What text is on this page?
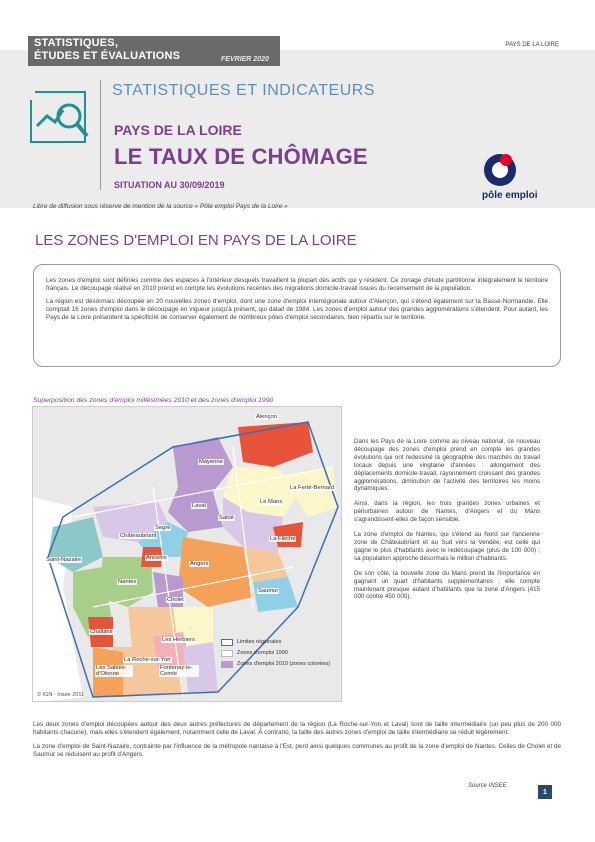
STATISTIQUES,
ÉTUDES ET ÉVALUATIONS	FEVRIER 2020
PAYS DE LA LOIRE
STATISTIQUES ET INDICATEURS
PAYS DE LA LOIRE
LE TAUX DE CHÔMAGE
SITUATION AU 30/09/2019
pôle emploi
Libre de diffusion sous réserve de mention de la source « Pôle emploi Pays de la Loire »
LES ZONES D'EMPLOI EN PAYS DE LA LOIRE

Les zones d'emploi sont définies comme des espaces à l'intérieur desquels travaillent la plupart des actifs qui y résident. Ce zonage d'étude partitionne intégralement le territoire français. Le découpage réalisé en 2010 prend en compte les évolutions récentes des migrations domicile-travail issues du recensement de la population.

La région est désormais découpée en 20 nouvelles zones d'emploi, dont une zone d'emploi interrégionale autour d'Alençon, qui s'étend également sur la Basse-Normandie. Elle comptait 16 zones d'emploi dans le découpage en vigueur jusqu'à présent, qui datait de 1984. Les zones d'emploi autour des grandes agglomérations s'étendent. Pour autant, les Pays de la Loire présentent la spécificité de conserver également de nombreux pôles d'emploi secondaires, bien répartis sur le territoire.

Superposition des zones d'emploi millésimées 2010 et des zones d'emploi 1990
Alençon
Mayenne
La Ferté-Bernard
Laval
Le Mans
Sablé
Segré
Châteaubriant
Saint-Nazaire
Nantes
Ancenis
Angers
La Flèche
Saumur
Cholet
Challans
Les Herbiers
La Roche-sur-Yon
Les Sables-d'Olonne
Fontenay-le-Comte
Limites régionales
Zones d'emploi 1990
Zones d'emploi 2010 (zones colorées)
© IGN - Insee 2011

Dans les Pays de la Loire comme au niveau national, ce nouveau découpage des zones d'emploi prend en compte les grandes évolutions qui ont redessiné la géographie des marchés du travail locaux depuis une vingtaine d'années : allongement des déplacements domicile-travail, rayonnement croissant des grandes agglomérations, diminution de l'activité des territoires les moins dynamiques.

Ainsi, dans la région, les trois grandes zones urbaines et périurbaines autour de Nantes, d'Angers et du Mans s'agrandissent-elles de façon sensible.

La zone d'emploi de Nantes, qui s'étend au Nord sur l'ancienne zone de Châteaubriant et au Sud vers la Vendée, est celle qui gagne le plus d'habitants avec le redécoupage (plus de 100 000) ; sa population approche désormais le million d'habitants.

De son côté, la nouvelle zone du Mans prend de l'importance en gagnant un quart d'habitants supplémentaires ; elle compte maintenant presque autant d'habitants que la zone d'Angers (415 000 contre 450 000).

Les deux zones d'emploi découpées autour des deux autres préfectures de département de la région (La Roche-sur-Yon et Laval) sont de taille intermédiaire (un peu plus de 200 000 habitants chacune), mais elles s'étendent également, notamment celle de Laval. À contrario, la taille des autres zones d'emploi de taille intermédiaire se réduit légèrement.

La zone d'emploi de Saint-Nazaire, contrainte par l'influence de la métropole nantaise à l'Est, perd ainsi quelques communes au profit de la zone d'emploi de Nantes. Celles de Cholet et de Saumur se réduisent au profit d'Angers.

Source INSEE
1
